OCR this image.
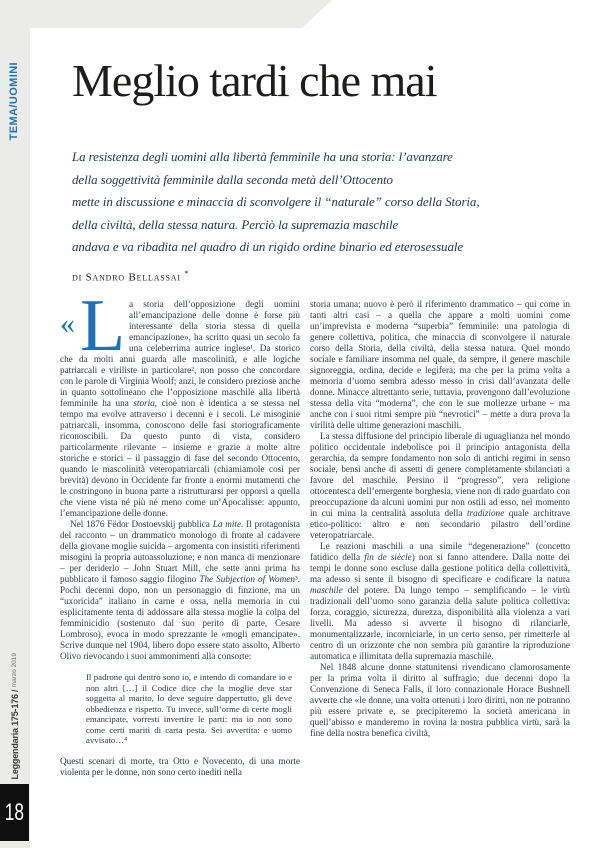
TEMA/UOMINI
Leggendaria 175-176 / marzo 2019
18
Meglio tardi che mai
La resistenza degli uomini alla libertà femminile ha una storia: l’avanzare
della soggettività femminile dalla seconda metà dell’Ottocento
mette in discussione e minaccia di sconvolgere il “naturale” corso della Storia,
della civiltà, della stessa natura. Perciò la supremazia maschile
andava e va ribadita nel quadro di un rigido ordine binario ed eterosessuale
di Sandro Bellassai *

« L a storia dell’opposizione degli uomini all’emancipazione delle donne è forse più interessante della storia stessa di quella emancipazione», ha scritto quasi un secolo fa una celeberrima autrice inglese¹. Da storico che da molti anni guarda alle mascolinità, e alle logiche patriarcali e viriliste in particolare², non posso che concordare con le parole di Virginia Woolf; anzi, le considero preziose anche in quanto sottolineano che l’opposizione maschile alla libertà femminile ha una storia, cioè non è identica a se stessa nel tempo ma evolve attraverso i decenni e i secoli. Le misoginie patriarcali, insomma, conoscono delle fasi storiograficamente riconoscibili. Da questo punto di vista, considero particolarmente rilevante – insieme e grazie a molte altre storiche e storici – il passaggio di fase del secondo Ottocento, quando le mascolinità veteropatriarcali (chiamiamole così per brevità) devono in Occidente far fronte a enormi mutamenti che le costringono in buona parte a ristrutturarsi per opporsi a quella che viene vista né più né meno come un’Apocalisse: appunto, l’emancipazione delle donne.

Nel 1876 Fëdor Dostoevskij pubblica La mite. Il protagonista del racconto – un drammatico monologo di fronte al cadavere della giovane moglie suicida – argomenta con insistiti riferimenti misogini la propria autoassoluzione; e non manca di menzionare – per deriderlo – John Stuart Mill, che sette anni prima ha pubblicato il famoso saggio filogino The Subjection of Women³. Pochi decenni dopo, non un personaggio di finzione, ma un “uxoricida” italiano in carne e ossa, nella memoria in cui esplicitamente tenta di addossare alla stessa moglie la colpa del femminicidio (sostenuto dal suo perito di parte, Cesare Lombroso), evoca in modo sprezzante le «mogli emancipate». Scrive dunque nel 1904, libero dopo essere stato assolto, Alberto Olivo rievocando i suoi ammonimenti alla consorte:

Il padrone qui dentro sono io, e intendo di comandare io e non altri […] il Codice dice che la moglie deve star soggetta al marito, lo deve seguire dappertutto, gli deve obbedienza e rispetto. Tu invece, sull’orme di certe mogli emancipate, vorresti invertire le parti: ma io non sono come certi mariti di carta pesta. Sei avvertita: e uomo avvisato…⁴

Questi scenari di morte, tra Otto e Novecento, di una morte violenta per le donne, non sono certo inediti nella

storia umana; nuovo è però il riferimento drammatico – qui come in tanti altri casi – a quella che appare a molti uomini come un’imprevista e moderna “superbia” femminile: una patologia di genere collettiva, politica, che minaccia di sconvolgere il naturale corso della Storia, della civiltà, della stessa natura. Quel mondo sociale e familiare insomma nel quale, da sempre, il genere maschile signoreggia, ordina, decide e legifera; ma che per la prima volta a memoria d’uomo sembra adesso messo in crisi dall’avanzata delle donne. Minacce altrettanto serie, tuttavia, provengono dall’evoluzione stessa della vita “moderna”, che con le sue mollezze urbane – ma anche con i suoi ritmi sempre più “nevrotici” – mette a dura prova la virilità delle ultime generazioni maschili.

La stessa diffusione del principio liberale di uguaglianza nel mondo politico occidentale indebolisce poi il principio antagonista della gerarchia, da sempre fondamento non solo di antichi regimi in senso sociale, bensì anche di assetti di genere completamente sbilanciati a favore del maschile. Persino il “progresso”, vera religione ottocentesca dell’emergente borghesia, viene non di rado guardato con preoccupazione da alcuni uomini pur non ostili ad esso, nel momento in cui mina la centralità assoluta della tradizione quale architrave etico-politico: altro e non secondario pilastro dell’ordine veteropatriarcale.

Le reazioni maschili a una simile “degenerazione” (concetto fatidico della fin de siècle) non si fanno attendere. Dalla notte dei tempi le donne sono escluse dalla gestione politica della collettività, ma adesso si sente il bisogno di specificare e codificare la natura maschile del potere. Da lungo tempo – semplificando – le virtù tradizionali dell’uomo sono garanzia della salute politica collettiva: forza, coraggio, sicurezza, durezza, disponibilità alla violenza a vari livelli. Ma adesso si avverte il bisogno di rilanciarle, monumentalizzarle, incorniciarle, in un certo senso, per rimetterle al centro di un orizzonte che non sembra più garantire la riproduzione automatica e illimitata della supremazia maschile.

Nel 1848 alcune donne statunitensi rivendicano clamorosamente per la prima volta il diritto al suffragio; due decenni dopo la Convenzione di Seneca Falls, il loro connazionale Horace Bushnell avverte che «le donne, una volta ottenuti i loro diritti, non ne potranno più essere private e, se precipiteremo la società americana in quell’abisso e manderemo in rovina la nostra pubblica virtù, sarà la fine della nostra benefica civiltà,
